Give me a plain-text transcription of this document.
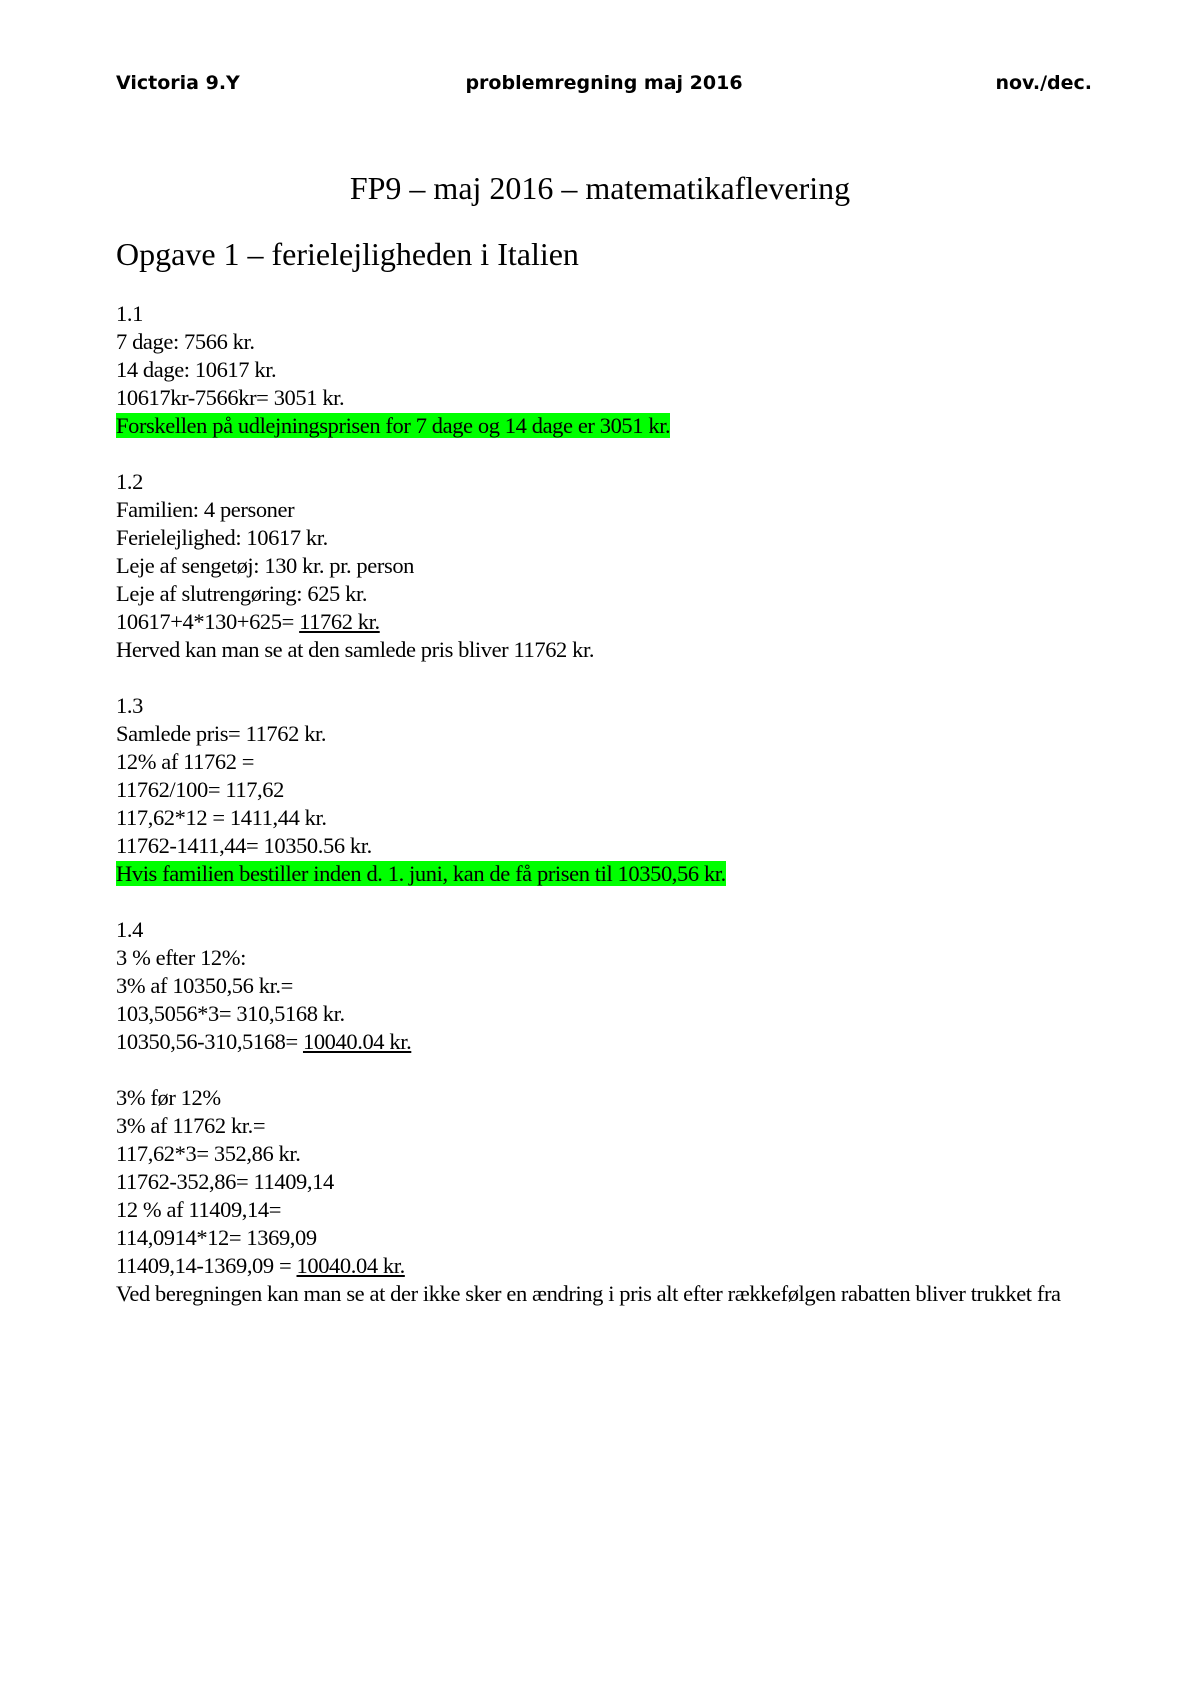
Victoria 9.Y	problemregning maj 2016	nov./dec.
FP9 – maj 2016 – matematikaflevering
Opgave 1 – ferielejligheden i Italien
1.1
7 dage: 7566 kr.
14 dage: 10617 kr.
10617kr-7566kr= 3051 kr.
Forskellen på udlejningsprisen for 7 dage og 14 dage er 3051 kr.
1.2
Familien: 4 personer
Ferielejlighed: 10617 kr.
Leje af sengetøj: 130 kr. pr. person
Leje af slutrengøring: 625 kr.
10617+4*130+625= 11762 kr.
Herved kan man se at den samlede pris bliver 11762 kr.
1.3
Samlede pris= 11762 kr.
12% af 11762 =
11762/100= 117,62
117,62*12 = 1411,44 kr.
11762-1411,44= 10350.56 kr.
Hvis familien bestiller inden d. 1. juni, kan de få prisen til 10350,56 kr.
1.4
3 % efter 12%:
3% af 10350,56 kr.=
103,5056*3= 310,5168 kr.
10350,56-310,5168= 10040.04 kr.
3% før 12%
3% af 11762 kr.=
117,62*3= 352,86 kr.
11762-352,86= 11409,14
12 % af 11409,14=
114,0914*12= 1369,09
11409,14-1369,09 = 10040.04 kr.
Ved beregningen kan man se at der ikke sker en ændring i pris alt efter rækkefølgen rabatten bliver trukket fra
